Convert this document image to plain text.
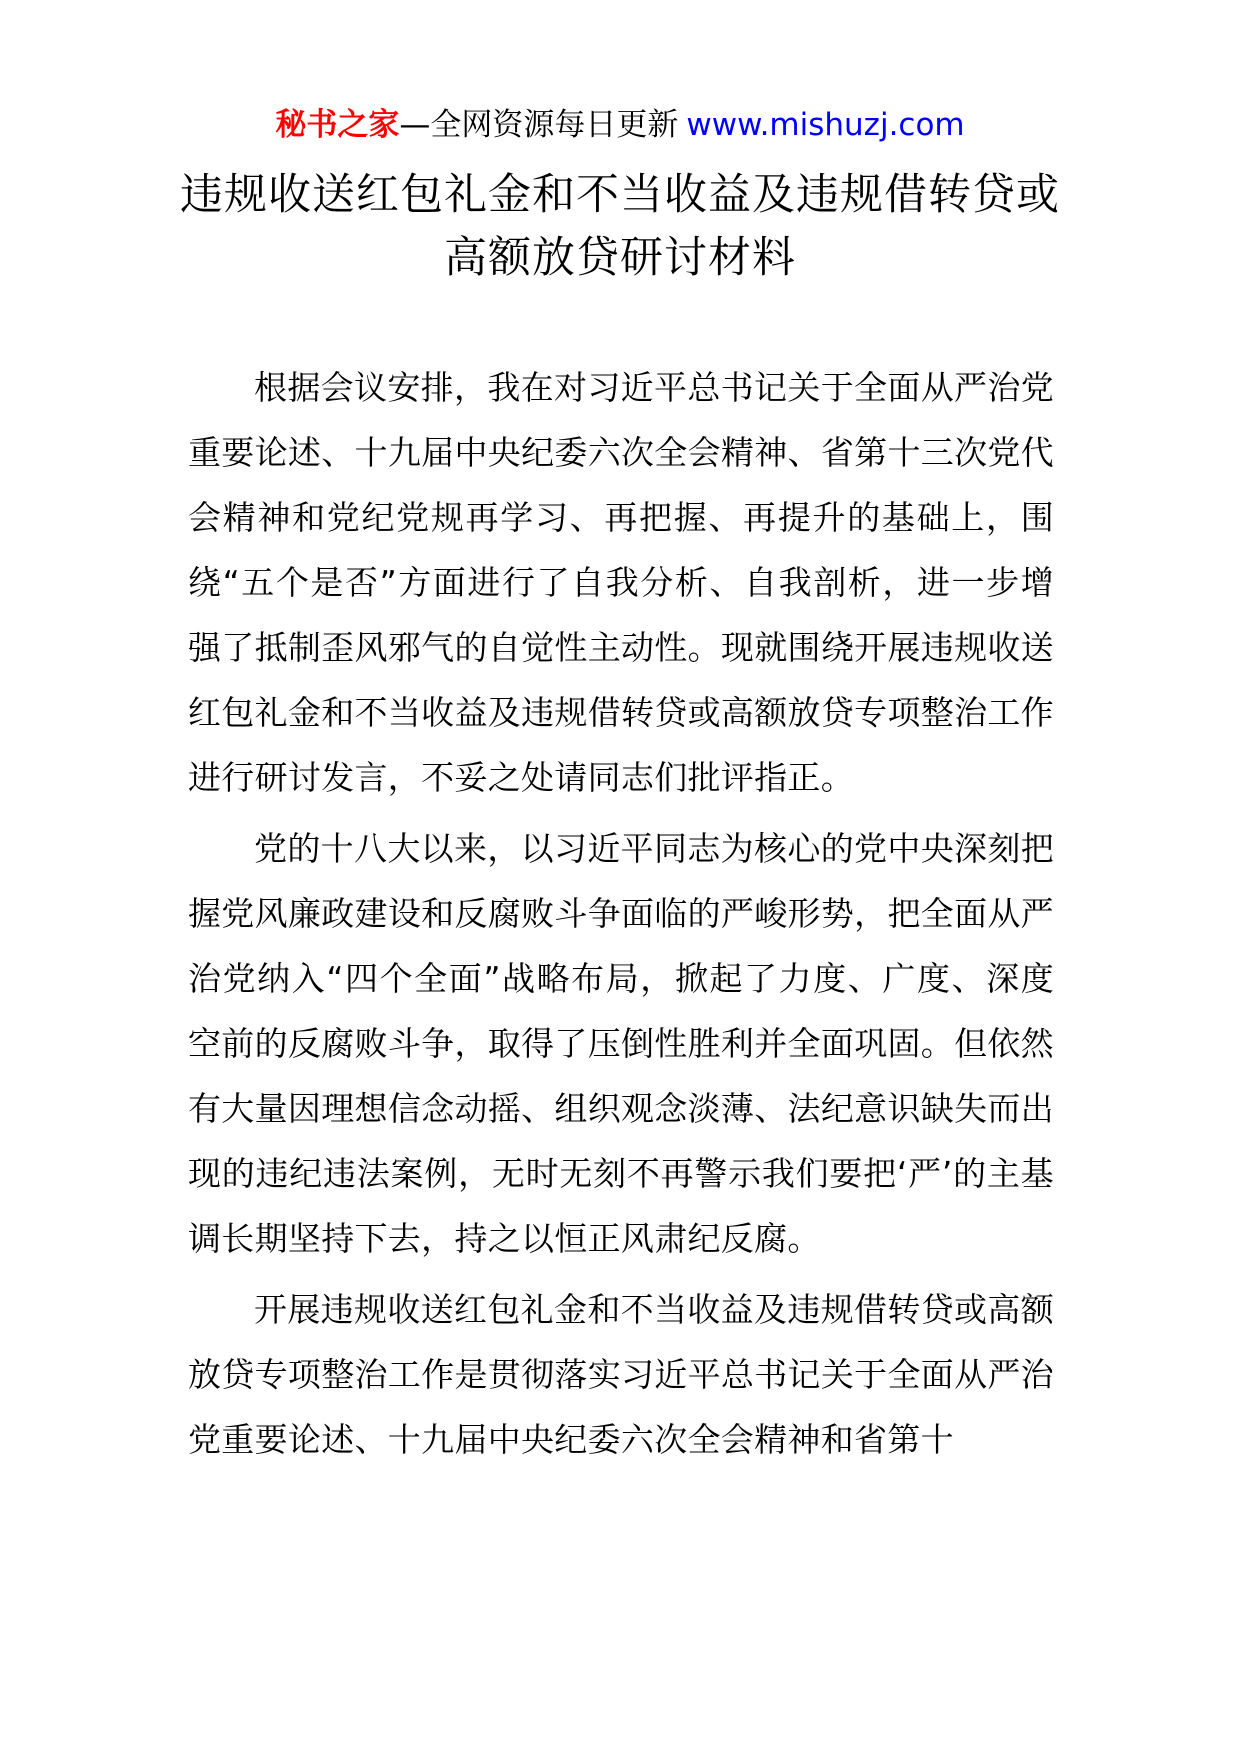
秘书之家—全网资源每日更新 www.mishuzj.com
违规收送红包礼金和不当收益及违规借转贷或高额放贷研讨材料

根据会议安排，我在对习近平总书记关于全面从严治党重要论述、十九届中央纪委六次全会精神、省第十三次党代会精神和党纪党规再学习、再把握、再提升的基础上，围绕“五个是否”方面进行了自我分析、自我剖析，进一步增强了抵制歪风邪气的自觉性主动性。现就围绕开展违规收送红包礼金和不当收益及违规借转贷或高额放贷专项整治工作进行研讨发言，不妥之处请同志们批评指正。

党的十八大以来，以习近平同志为核心的党中央深刻把握党风廉政建设和反腐败斗争面临的严峻形势，把全面从严治党纳入“四个全面”战略布局，掀起了力度、广度、深度空前的反腐败斗争，取得了压倒性胜利并全面巩固。但依然有大量因理想信念动摇、组织观念淡薄、法纪意识缺失而出现的违纪违法案例，无时无刻不再警示我们要把‘严’的主基调长期坚持下去，持之以恒正风肃纪反腐。

开展违规收送红包礼金和不当收益及违规借转贷或高额放贷专项整治工作是贯彻落实习近平总书记关于全面从严治党重要论述、十九届中央纪委六次全会精神和省第十
